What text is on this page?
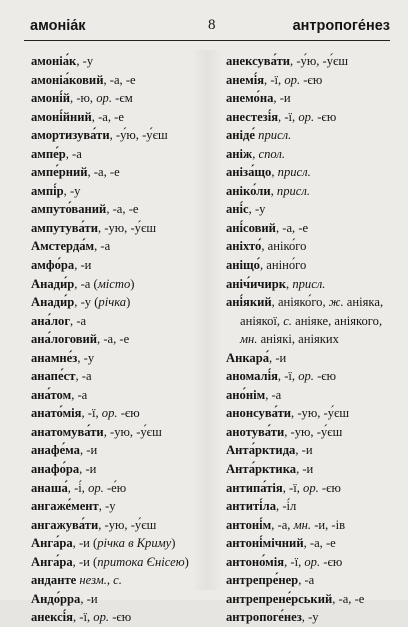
амоніа́к	8	антропоге́нез
амоніа́к, -у
амоніа́ковий, -а, -е
амоні́й, -ю, ор. -єм
амоні́йний, -а, -е
амортизува́ти, -у́ю, -у́єш
ампе́р, -а
ампе́рний, -а, -е
ампі́р, -у
ампуто́ваний, -а, -е
ампутува́ти, -ую, -у́єш
Амстерда́м, -а
амфо́ра, -и
Анади́р, -а (місто)
Анади́р, -у (річка)
ана́лог, -а
ана́логовий, -а, -е
анамне́з, -у
анапе́ст, -а
ана́том, -а
анато́мія, -ї, ор. -єю
анатомува́ти, -ую, -у́єш
анафе́ма, -и
анафо́ра, -и
анаша́, -і́, ор. -е́ю
ангаже́мент, -у
ангажува́ти, -ую, -у́єш
Анга́ра, -и (річка в Криму)
Анга́ра, -и (притока Єнісею)
анданте незм., с.
Андо́рра, -и
анексі́я, -ї, ор. -єю
анексува́ти, -у́ю, -у́єш
анемі́я, -ї, ор. -єю
анемо́на, -и
анестезі́я, -ї, ор. -єю
аніде́ присл.
аніж, спол.
аніза́що, присл.
аніко́ли, присл.
ані́с, -у
ані́совий, -а, -е
аніхто́, аніко́го
аніщо́, аніно́го
аніч́ичирк, присл.
ані́який, аніяко́го, ж. аніяка,
аніякої, с. аніяке, аніякого,
мн. аніякі, аніяких
Анкара́, -и
аномалі́я, -ї, ор. -єю
ано́нім, -а
анонсува́ти, -ую, -у́єш
анотува́ти, -ую, -у́єш
Анта́рктида, -и
Анта́рктика, -и
антипа́тія, -ї, ор. -єю
антиті́ла, -і́л
антоні́м, -а, мн. -и, -ів
антоні́мічний, -а, -е
антоно́мія, -ї, ор. -єю
антрепре́нер, -а
антрепрене́рський, -а, -е
антропоге́нез, -у
